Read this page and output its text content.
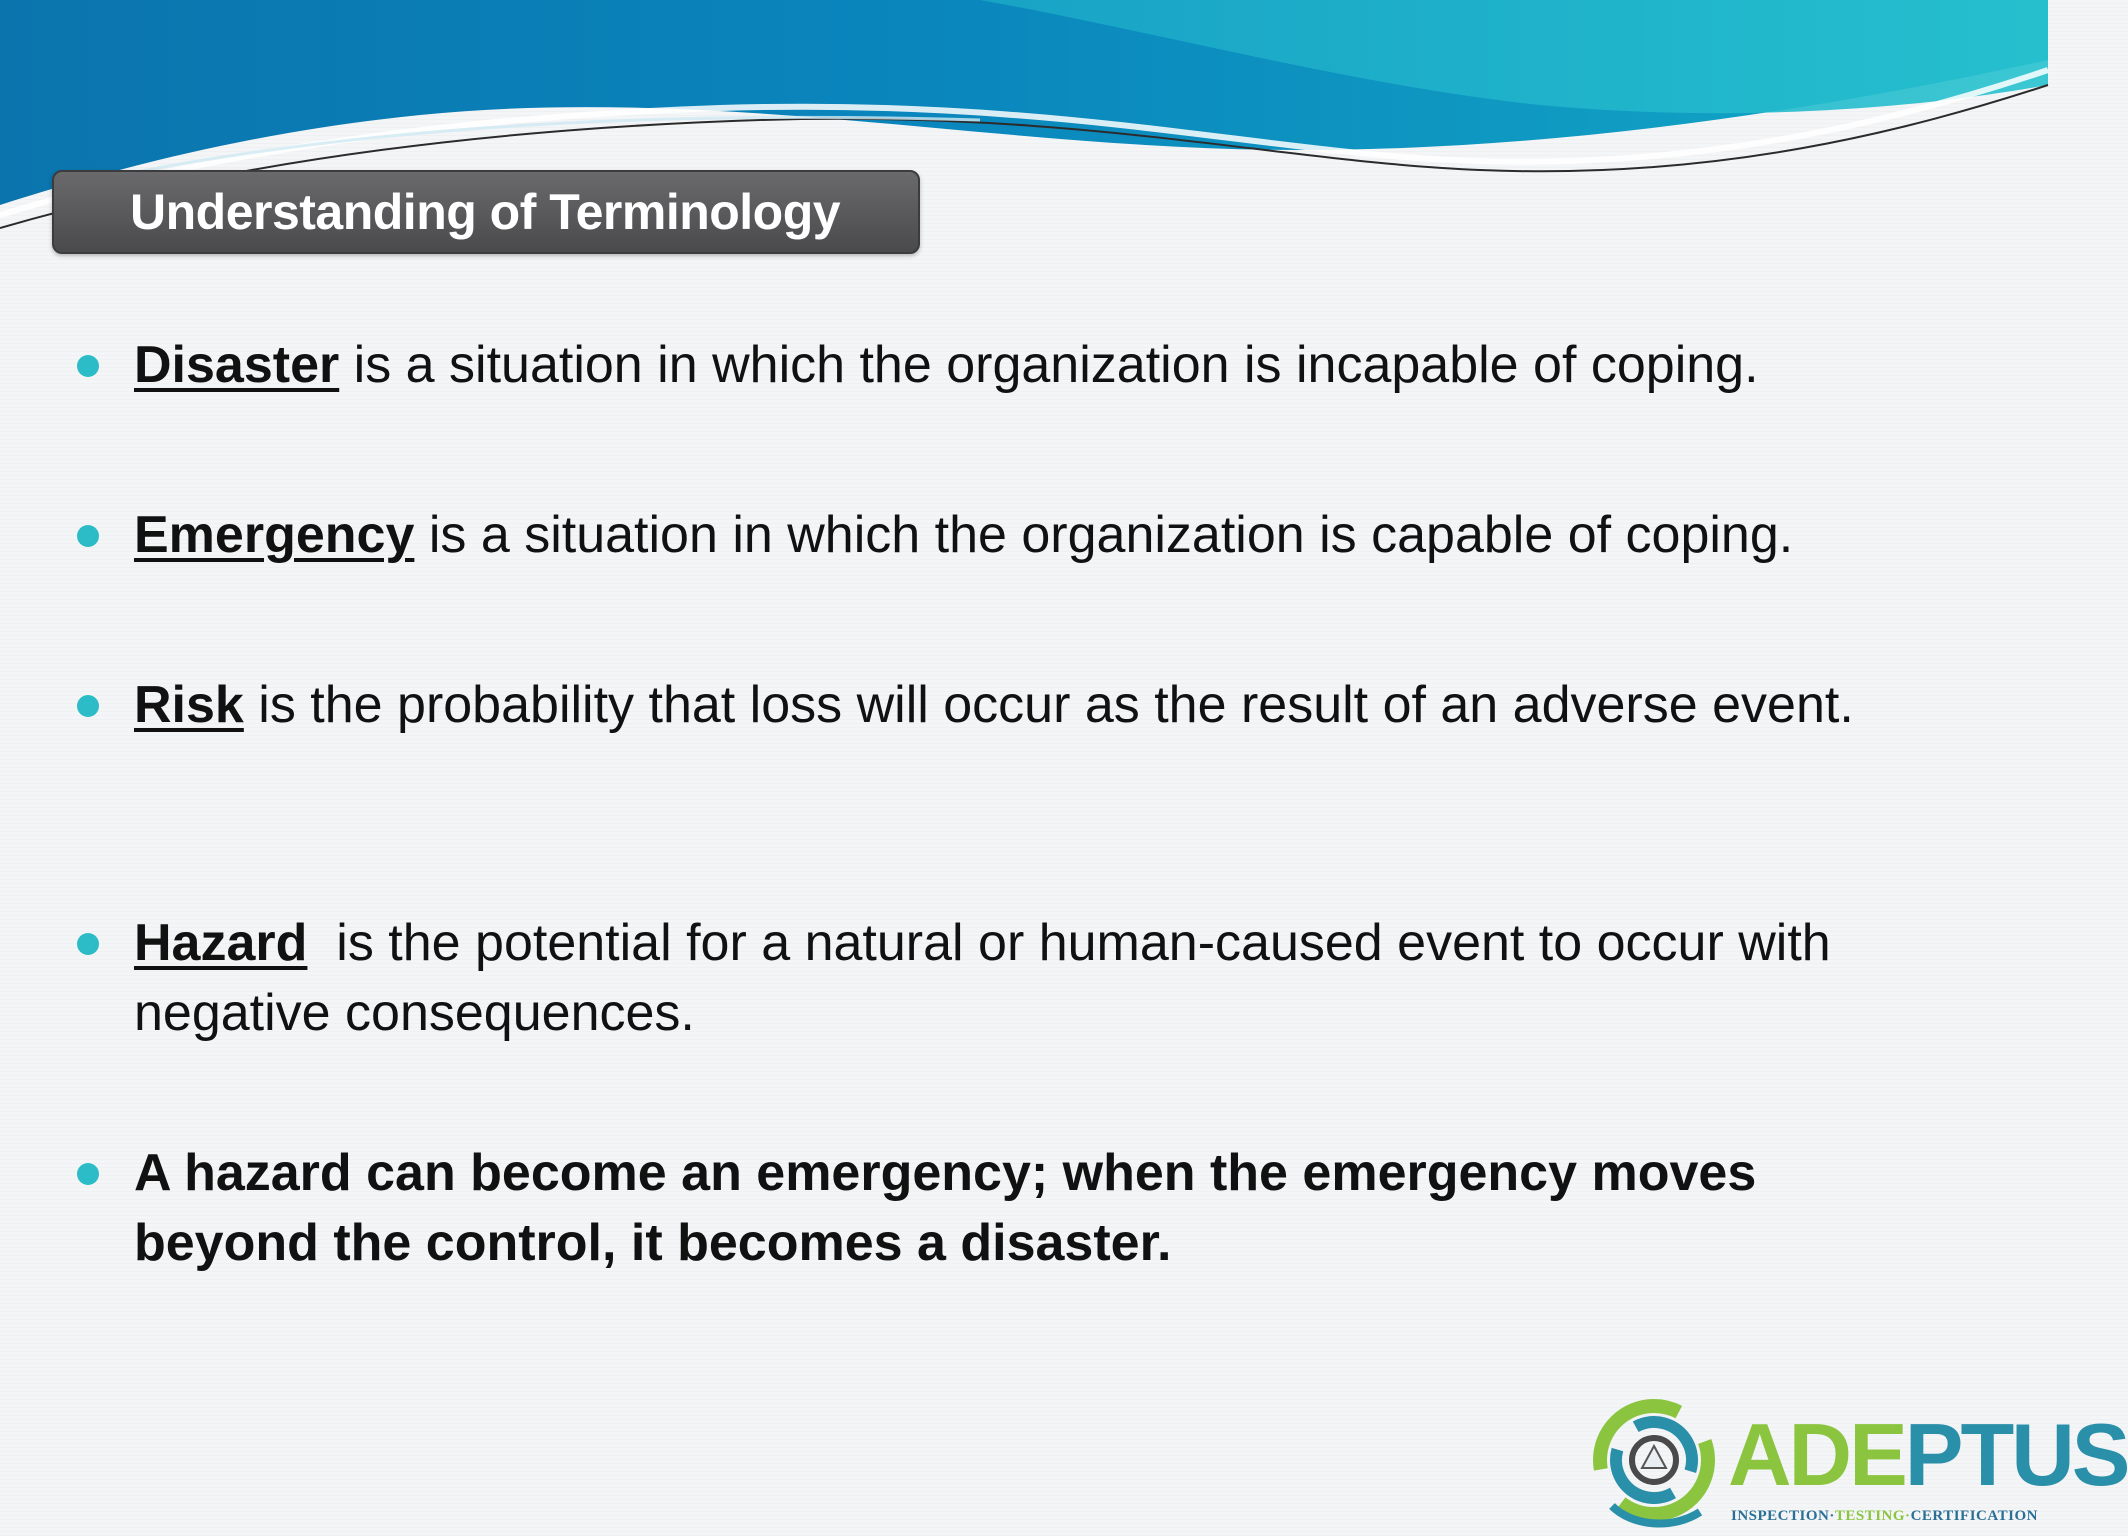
Understanding of Terminology
Disaster is a situation in which the organization is incapable of coping.
Emergency is a situation in which the organization is capable of coping.
Risk is the probability that loss will occur as the result of an adverse event.
Hazard  is the potential for a natural or human-caused event to occur with negative consequences.
A hazard can become an emergency; when the emergency moves beyond the control, it becomes a disaster.
ADEPTUS
INSPECTION·TESTING·CERTIFICATION
